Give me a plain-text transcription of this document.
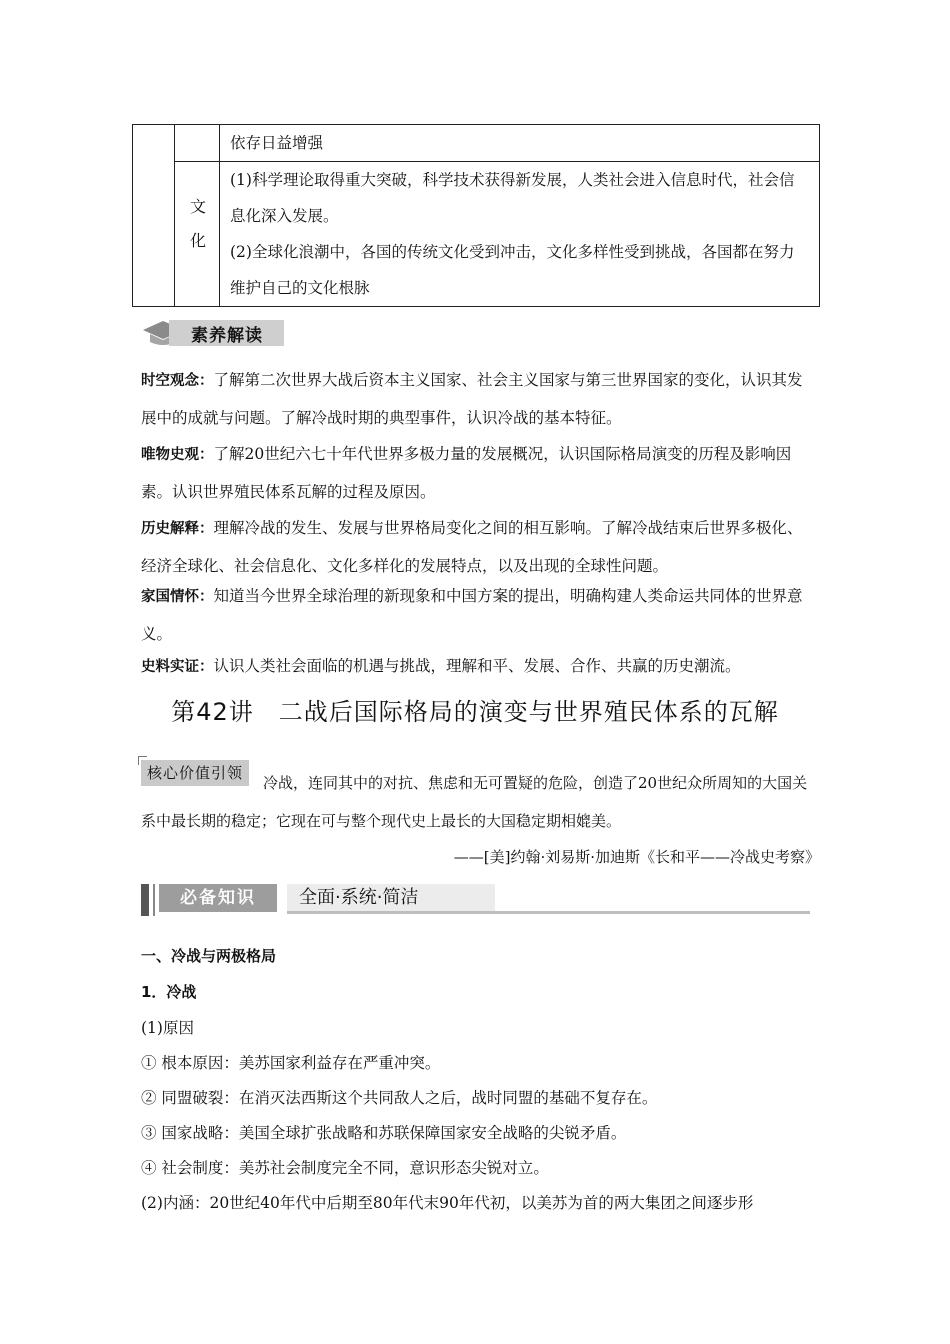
		依存日益增强
	文化	(1)科学理论取得重大突破，科学技术获得新发展，人类社会进入信息时代，社会信息化深入发展。
(2)全球化浪潮中，各国的传统文化受到冲击，文化多样性受到挑战，各国都在努力维护自己的文化根脉
素养解读
时空观念：了解第二次世界大战后资本主义国家、社会主义国家与第三世界国家的变化，认识其发展中的成就与问题。了解冷战时期的典型事件，认识冷战的基本特征。
唯物史观：了解20世纪六七十年代世界多极力量的发展概况，认识国际格局演变的历程及影响因素。认识世界殖民体系瓦解的过程及原因。
历史解释：理解冷战的发生、发展与世界格局变化之间的相互影响。了解冷战结束后世界多极化、经济全球化、社会信息化、文化多样化的发展特点，以及出现的全球性问题。
家国情怀：知道当今世界全球治理的新现象和中国方案的提出，明确构建人类命运共同体的世界意义。
史料实证：认识人类社会面临的机遇与挑战，理解和平、发展、合作、共赢的历史潮流。
第42讲　二战后国际格局的演变与世界殖民体系的瓦解
核心价值引领
冷战，连同其中的对抗、焦虑和无可置疑的危险，创造了20世纪众所周知的大国关系中最长期的稳定；它现在可与整个现代史上最长的大国稳定期相媲美。
——[美]约翰·刘易斯·加迪斯《长和平——冷战史考察》
必备知识	全面·系统·简洁
一、冷战与两极格局
1．冷战
(1)原因
① 根本原因：美苏国家利益存在严重冲突。
② 同盟破裂：在消灭法西斯这个共同敌人之后，战时同盟的基础不复存在。
③ 国家战略：美国全球扩张战略和苏联保障国家安全战略的尖锐矛盾。
④ 社会制度：美苏社会制度完全不同，意识形态尖锐对立。
(2)内涵：20世纪40年代中后期至80年代末90年代初，以美苏为首的两大集团之间逐步形
